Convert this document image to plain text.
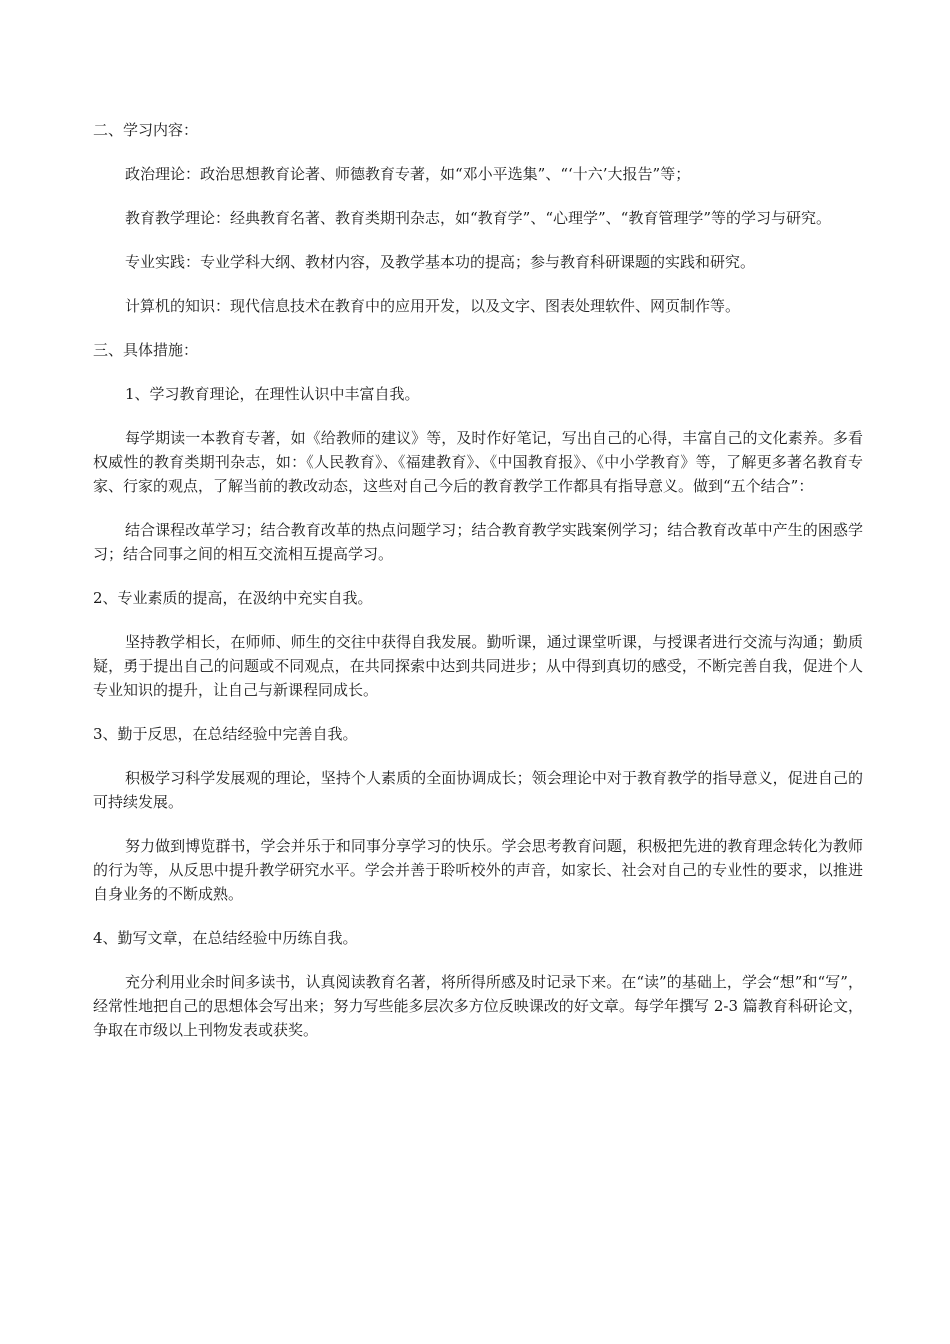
二、学习内容：

政治理论：政治思想教育论著、师德教育专著，如“邓小平选集”、“‘十六’大报告”等；

教育教学理论：经典教育名著、教育类期刊杂志，如“教育学”、“心理学”、“教育管理学”等的学习与研究。

专业实践：专业学科大纲、教材内容，及教学基本功的提高；参与教育科研课题的实践和研究。

计算机的知识：现代信息技术在教育中的应用开发，以及文字、图表处理软件、网页制作等。

三、具体措施：

1、学习教育理论，在理性认识中丰富自我。

每学期读一本教育专著，如《给教师的建议》等，及时作好笔记，写出自己的心得，丰富自己的文化素养。多看权威性的教育类期刊杂志，如：《人民教育》、《福建教育》、《中国教育报》、《中小学教育》等，了解更多著名教育专家、行家的观点，了解当前的教改动态，这些对自己今后的教育教学工作都具有指导意义。做到“五个结合”：

结合课程改革学习；结合教育改革的热点问题学习；结合教育教学实践案例学习；结合教育改革中产生的困惑学习；结合同事之间的相互交流相互提高学习。

2、专业素质的提高，在汲纳中充实自我。

坚持教学相长，在师师、师生的交往中获得自我发展。勤听课，通过课堂听课，与授课者进行交流与沟通；勤质疑，勇于提出自己的问题或不同观点，在共同探索中达到共同进步；从中得到真切的感受，不断完善自我，促进个人专业知识的提升，让自己与新课程同成长。

3、勤于反思，在总结经验中完善自我。

积极学习科学发展观的理论，坚持个人素质的全面协调成长；领会理论中对于教育教学的指导意义，促进自己的可持续发展。

努力做到博览群书，学会并乐于和同事分享学习的快乐。学会思考教育问题，积极把先进的教育理念转化为教师的行为等，从反思中提升教学研究水平。学会并善于聆听校外的声音，如家长、社会对自己的专业性的要求，以推进自身业务的不断成熟。

4、勤写文章，在总结经验中历练自我。

充分利用业余时间多读书，认真阅读教育名著，将所得所感及时记录下来。在“读”的基础上，学会“想”和“写”，经常性地把自己的思想体会写出来；努力写些能多层次多方位反映课改的好文章。每学年撰写 2-3 篇教育科研论文，争取在市级以上刊物发表或获奖。
